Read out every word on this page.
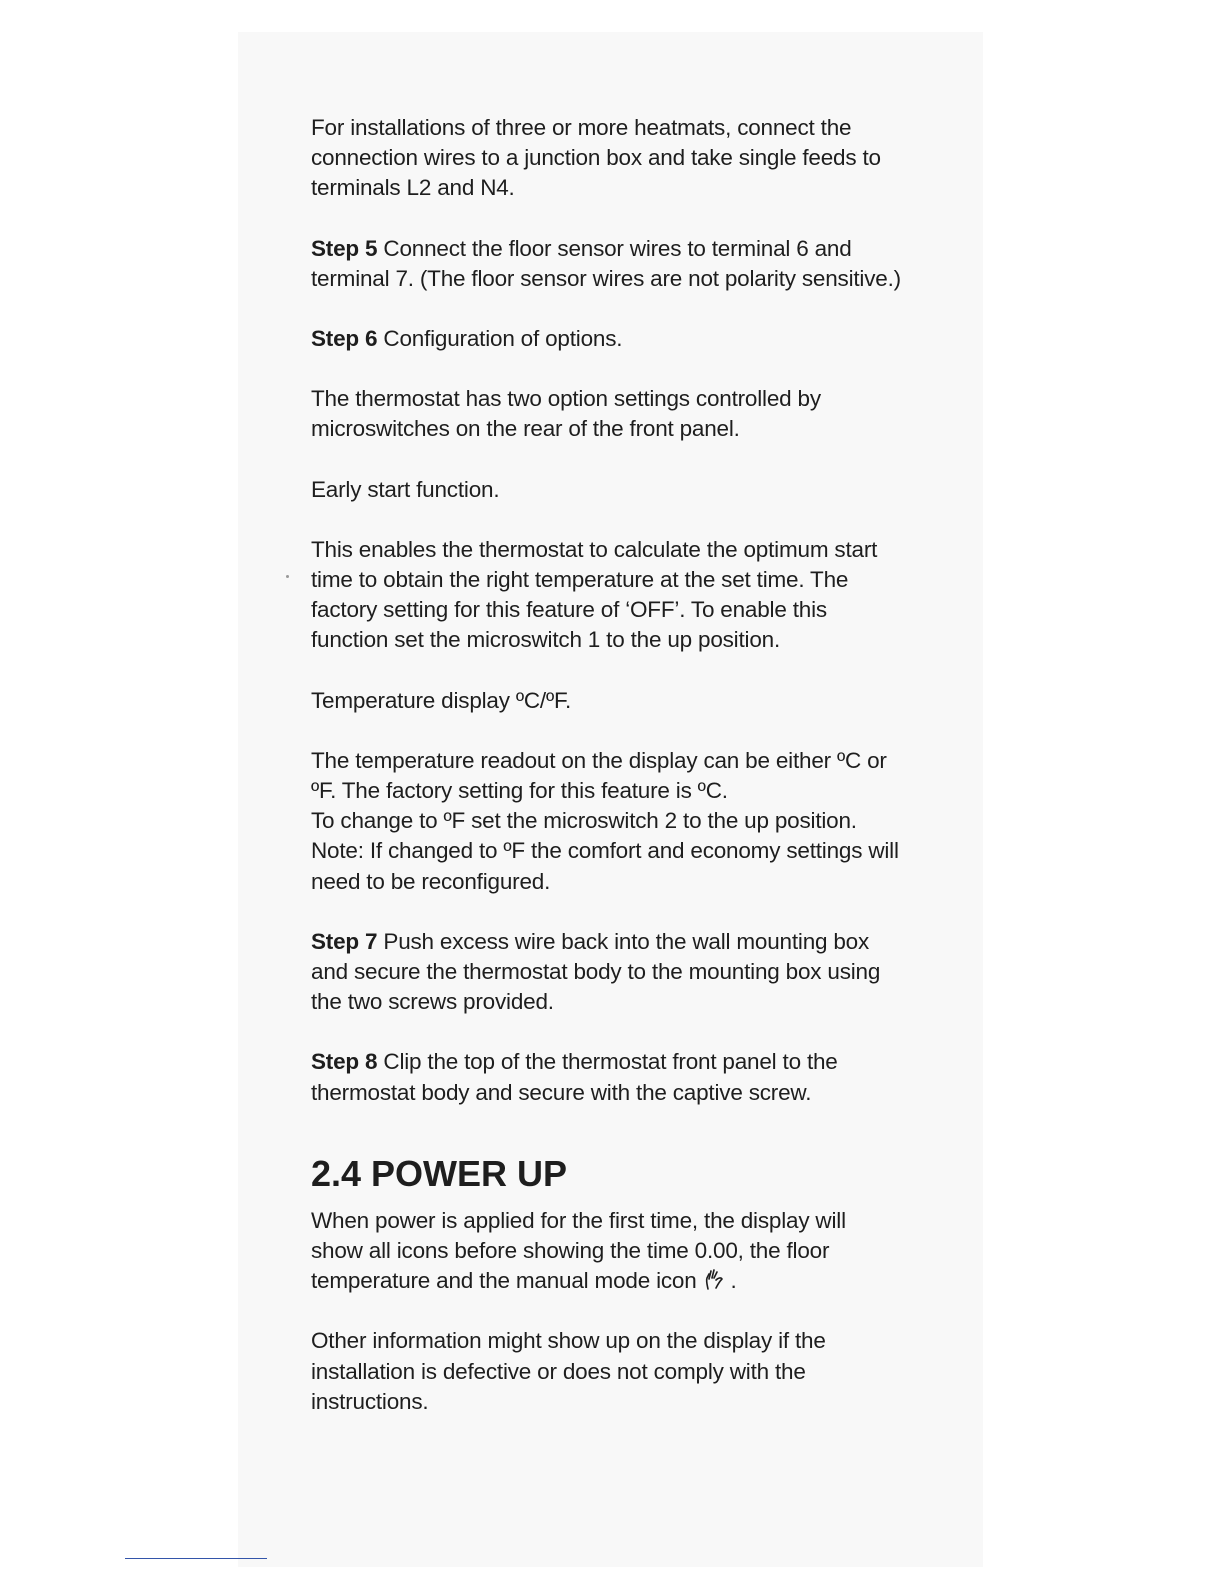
For installations of three or more heatmats, connect the connection wires to a junction box and take single feeds to terminals L2 and N4.

Step 5 Connect the floor sensor wires to terminal 6 and terminal 7. (The floor sensor wires are not polarity sensitive.)

Step 6 Configuration of options.

The thermostat has two option settings controlled by microswitches on the rear of the front panel.

Early start function.

This enables the thermostat to calculate the optimum start time to obtain the right temperature at the set time. The factory setting for this feature of ‘OFF’. To enable this function set the microswitch 1 to the up position.

Temperature display ºC/ºF.

The temperature readout on the display can be either ºC or ºF. The factory setting for this feature is ºC.
To change to ºF set the microswitch 2 to the up position.
Note: If changed to ºF the comfort and economy settings will need to be reconfigured.

Step 7 Push excess wire back into the wall mounting box and secure the thermostat body to the mounting box using the two screws provided.

Step 8 Clip the top of the thermostat front panel to the thermostat body and secure with the captive screw.

2.4 POWER UP

When power is applied for the first time, the display will show all icons before showing the time 0.00, the floor temperature and the manual mode icon .

Other information might show up on the display if the installation is defective or does not comply with the instructions.
